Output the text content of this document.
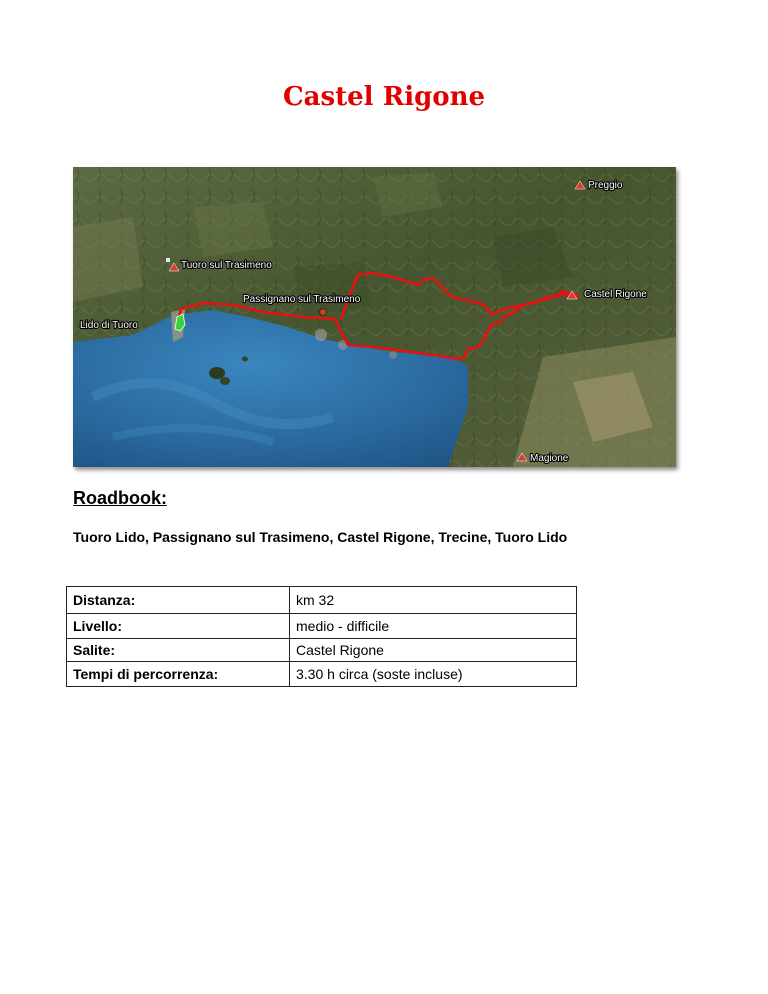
Castel Rigone
Preggio
Tuoro sul Trasimeno
Passignano sul Trasimeno	Castel Rigone
Lido di Tuoro
Magione
Roadbook:

Tuoro Lido, Passignano sul Trasimeno, Castel Rigone, Trecine, Tuoro Lido

Distanza:	km 32
Livello:	medio - difficile
Salite:	Castel Rigone
Tempi di percorrenza:	3.30 h circa (soste incluse)
